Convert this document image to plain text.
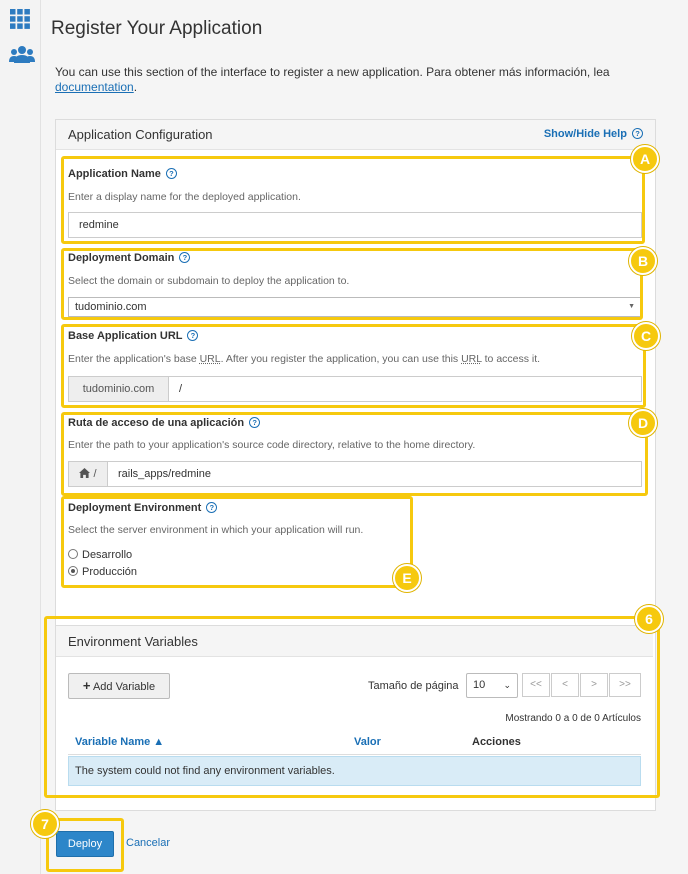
Register Your Application
You can use this section of the interface to register a new application. Para obtener más información, lea documentation.
Application Configuration	Show/Hide Help ?
Application Name ?
Enter a display name for the deployed application.
redmine
Deployment Domain ?
Select the domain or subdomain to deploy the application to.
tudominio.com	▼
Base Application URL ?
Enter the application's base URL. After you register the application, you can use this URL to access it.
tudominio.com	/
Ruta de acceso de una aplicación ?
Enter the path to your application's source code directory, relative to the home directory.
/	rails_apps/redmine
Deployment Environment ?
Select the server environment in which your application will run.
Desarrollo
Producción
Environment Variables
+ Add Variable	Tamaño de página	10 ⌄	<<	<	>	>>
Mostrando 0 a 0 de 0 Artículos
Variable Name ▲	Valor	Acciones
The system could not find any environment variables.
Deploy	Cancelar
A
B
C
D
E
6
7
